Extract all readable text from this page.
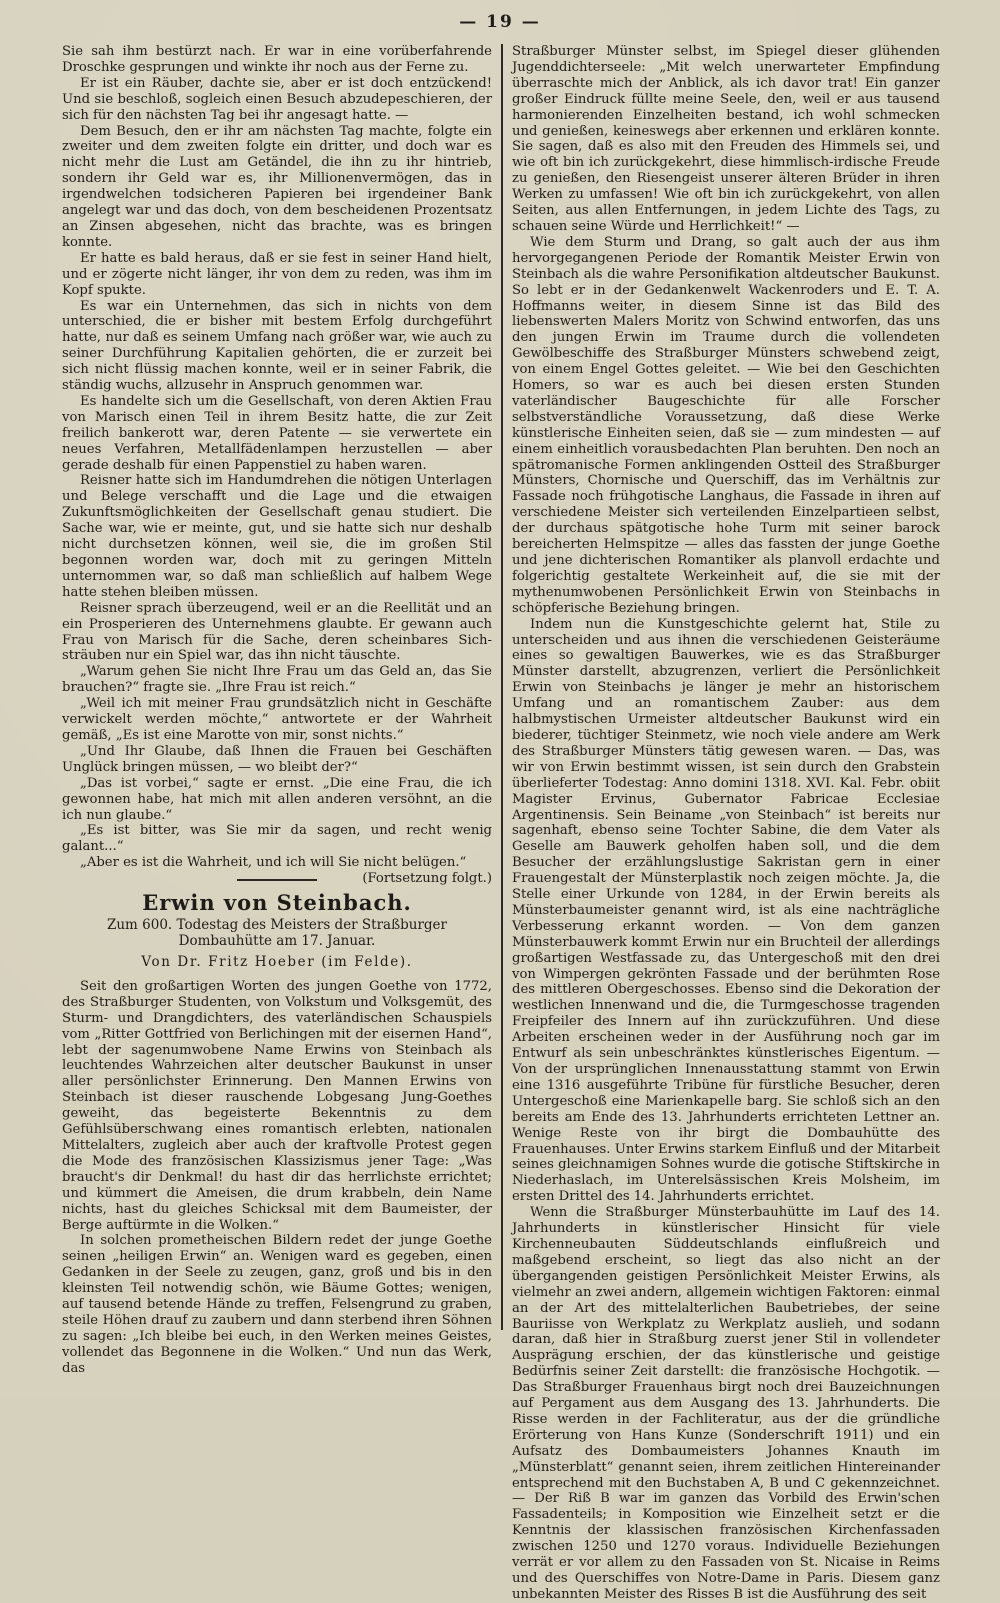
— 19 —

Sie sah ihm bestürzt nach. Er war in eine vorüberfahrende Droschke gesprungen und winkte ihr noch aus der Ferne zu.

Er ist ein Räuber, dachte sie, aber er ist doch entzückend! Und sie beschloß, sogleich einen Besuch abzudepeschieren, der sich für den nächsten Tag bei ihr angesagt hatte. —

Dem Besuch, den er ihr am nächsten Tag machte, folgte ein zweiter und dem zweiten folgte ein dritter, und doch war es nicht mehr die Lust am Getändel, die ihn zu ihr hintrieb, sondern ihr Geld war es, ihr Millionenvermögen, das in irgendwelchen todsicheren Papieren bei irgendeiner Bank angelegt war und das doch, von dem bescheidenen Prozentsatz an Zinsen abgesehen, nicht das brachte, was es bringen konnte.

Er hatte es bald heraus, daß er sie fest in seiner Hand hielt, und er zögerte nicht länger, ihr von dem zu reden, was ihm im Kopf spukte.

Es war ein Unternehmen, das sich in nichts von dem unterschied, die er bisher mit bestem Erfolg durchgeführt hatte, nur daß es seinem Umfang nach größer war, wie auch zu seiner Durchführung Kapitalien gehörten, die er zurzeit bei sich nicht flüssig machen konnte, weil er in seiner Fabrik, die ständig wuchs, allzusehr in Anspruch genommen war.

Es handelte sich um die Gesellschaft, von deren Aktien Frau von Marisch einen Teil in ihrem Besitz hatte, die zur Zeit freilich bankerott war, deren Patente — sie verwertete ein neues Verfahren, Metallfädenlampen herzustellen — aber gerade deshalb für einen Pappenstiel zu haben waren.

Reisner hatte sich im Handumdrehen die nötigen Unterlagen und Belege verschafft und die Lage und die etwaigen Zukunftsmöglichkeiten der Gesellschaft genau studiert. Die Sache war, wie er meinte, gut, und sie hatte sich nur deshalb nicht durchsetzen können, weil sie, die im großen Stil begonnen worden war, doch mit zu geringen Mitteln unternommen war, so daß man schließlich auf halbem Wege hatte stehen bleiben müssen.

Reisner sprach überzeugend, weil er an die Reellität und an ein Prosperieren des Unternehmens glaubte. Er gewann auch Frau von Marisch für die Sache, deren scheinbares Sich-sträuben nur ein Spiel war, das ihn nicht täuschte.

„Warum gehen Sie nicht Ihre Frau um das Geld an, das Sie brauchen?“ fragte sie. „Ihre Frau ist reich.“

„Weil ich mit meiner Frau grundsätzlich nicht in Geschäfte verwickelt werden möchte,“ antwortete er der Wahrheit gemäß, „Es ist eine Marotte von mir, sonst nichts.“

„Und Ihr Glaube, daß Ihnen die Frauen bei Geschäften Unglück bringen müssen, — wo bleibt der?“

„Das ist vorbei,“ sagte er ernst. „Die eine Frau, die ich gewonnen habe, hat mich mit allen anderen versöhnt, an die ich nun glaube.“

„Es ist bitter, was Sie mir da sagen, und recht wenig galant...“

„Aber es ist die Wahrheit, und ich will Sie nicht belügen.“
(Fortsetzung folgt.)

Erwin von Steinbach.
Zum 600. Todestag des Meisters der Straßburger Dombauhütte am 17. Januar.
Von Dr. Fritz Hoeber (im Felde).

Seit den großartigen Worten des jungen Goethe von 1772, des Straßburger Studenten, von Volkstum und Volksgemüt, des Sturm- und Drangdichters, des vaterländischen Schauspiels vom „Ritter Gottfried von Berlichingen mit der eisernen Hand“, lebt der sagenumwobene Name Erwins von Steinbach als leuchtendes Wahrzeichen alter deutscher Baukunst in unser aller persönlichster Erinnerung. Den Mannen Erwins von Steinbach ist dieser rauschende Lobgesang Jung-Goethes geweiht, das begeisterte Bekenntnis zu dem Gefühlsüberschwang eines romantisch erlebten, nationalen Mittelalters, zugleich aber auch der kraftvolle Protest gegen die Mode des französischen Klassizismus jener Tage: „Was braucht's dir Denkmal! du hast dir das herrlichste errichtet; und kümmert die Ameisen, die drum krabbeln, dein Name nichts, hast du gleiches Schicksal mit dem Baumeister, der Berge auftürmte in die Wolken.“

In solchen prometheischen Bildern redet der junge Goethe seinen „heiligen Erwin“ an. Wenigen ward es gegeben, einen Gedanken in der Seele zu zeugen, ganz, groß und bis in den kleinsten Teil notwendig schön, wie Bäume Gottes; wenigen, auf tausend betende Hände zu treffen, Felsengrund zu graben, steile Höhen drauf zu zaubern und dann sterbend ihren Söhnen zu sagen: „Ich bleibe bei euch, in den Werken meines Geistes, vollendet das Begonnene in die Wolken.“ Und nun das Werk, das

Straßburger Münster selbst, im Spiegel dieser glühenden Jugenddichterseele: „Mit welch unerwarteter Empfindung überraschte mich der Anblick, als ich davor trat! Ein ganzer großer Eindruck füllte meine Seele, den, weil er aus tausend harmonierenden Einzelheiten bestand, ich wohl schmecken und genießen, keineswegs aber erkennen und erklären konnte. Sie sagen, daß es also mit den Freuden des Himmels sei, und wie oft bin ich zurückgekehrt, diese himmlisch-irdische Freude zu genießen, den Riesengeist unserer älteren Brüder in ihren Werken zu umfassen! Wie oft bin ich zurückgekehrt, von allen Seiten, aus allen Entfernungen, in jedem Lichte des Tags, zu schauen seine Würde und Herrlichkeit!“ —

Wie dem Sturm und Drang, so galt auch der aus ihm hervorgegangenen Periode der Romantik Meister Erwin von Steinbach als die wahre Personifikation altdeutscher Baukunst. So lebt er in der Gedankenwelt Wackenroders und E. T. A. Hoffmanns weiter, in diesem Sinne ist das Bild des liebenswerten Malers Moritz von Schwind entworfen, das uns den jungen Erwin im Traume durch die vollendeten Gewölbeschiffe des Straßburger Münsters schwebend zeigt, von einem Engel Gottes geleitet. — Wie bei den Geschichten Homers, so war es auch bei diesen ersten Stunden vaterländischer Baugeschichte für alle Forscher selbstverständliche Voraussetzung, daß diese Werke künstlerische Einheiten seien, daß sie — zum mindesten — auf einem einheitlich vorausbedachten Plan beruhten. Den noch an spätromanische Formen anklingenden Ostteil des Straßburger Münsters, Chornische und Querschiff, das im Verhältnis zur Fassade noch frühgotische Langhaus, die Fassade in ihren auf verschiedene Meister sich verteilenden Einzelpartieen selbst, der durchaus spätgotische hohe Turm mit seiner barock bereicherten Helmspitze — alles das fassten der junge Goethe und jene dichterischen Romantiker als planvoll erdachte und folgerichtig gestaltete Werkeinheit auf, die sie mit der mythenumwobenen Persönlichkeit Erwin von Steinbachs in schöpferische Beziehung bringen.

Indem nun die Kunstgeschichte gelernt hat, Stile zu unterscheiden und aus ihnen die verschiedenen Geisteräume eines so gewaltigen Bauwerkes, wie es das Straßburger Münster darstellt, abzugrenzen, verliert die Persönlichkeit Erwin von Steinbachs je länger je mehr an historischem Umfang und an romantischem Zauber: aus dem halbmystischen Urmeister altdeutscher Baukunst wird ein biederer, tüchtiger Steinmetz, wie noch viele andere am Werk des Straßburger Münsters tätig gewesen waren. — Das, was wir von Erwin bestimmt wissen, ist sein durch den Grabstein überlieferter Todestag: Anno domini 1318. XVI. Kal. Febr. obiit Magister Ervinus, Gubernator Fabricae Ecclesiae Argentinensis. Sein Beiname „von Steinbach“ ist bereits nur sagenhaft, ebenso seine Tochter Sabine, die dem Vater als Geselle am Bauwerk geholfen haben soll, und die dem Besucher der erzählungslustige Sakristan gern in einer Frauengestalt der Münsterplastik noch zeigen möchte. Ja, die Stelle einer Urkunde von 1284, in der Erwin bereits als Münsterbaumeister genannt wird, ist als eine nachträgliche Verbesserung erkannt worden. — Von dem ganzen Münsterbauwerk kommt Erwin nur ein Bruchteil der allerdings großartigen Westfassade zu, das Untergeschoß mit den drei von Wimpergen gekrönten Fassade und der berühmten Rose des mittleren Obergeschosses. Ebenso sind die Dekoration der westlichen Innenwand und die, die Turmgeschosse tragenden Freipfeiler des Innern auf ihn zurückzuführen. Und diese Arbeiten erscheinen weder in der Ausführung noch gar im Entwurf als sein unbeschränktes künstlerisches Eigentum. — Von der ursprünglichen Innenausstattung stammt von Erwin eine 1316 ausgeführte Tribüne für fürstliche Besucher, deren Untergeschoß eine Marienkapelle barg. Sie schloß sich an den bereits am Ende des 13. Jahrhunderts errichteten Lettner an. Wenige Reste von ihr birgt die Dombauhütte des Frauenhauses. Unter Erwins starkem Einfluß und der Mitarbeit seines gleichnamigen Sohnes wurde die gotische Stiftskirche in Niederhaslach, im Unterelsässischen Kreis Molsheim, im ersten Drittel des 14. Jahrhunderts errichtet.

Wenn die Straßburger Münsterbauhütte im Lauf des 14. Jahrhunderts in künstlerischer Hinsicht für viele Kirchenneubauten Süddeutschlands einflußreich und maßgebend erscheint, so liegt das also nicht an der übergangenden geistigen Persönlichkeit Meister Erwins, als vielmehr an zwei andern, allgemein wichtigen Faktoren: einmal an der Art des mittelalterlichen Baubetriebes, der seine Bauriisse von Werkplatz zu Werkplatz auslieh, und sodann daran, daß hier in Straßburg zuerst jener Stil in vollendeter Ausprägung erschien, der das künstlerische und geistige Bedürfnis seiner Zeit darstellt: die französische Hochgotik. — Das Straßburger Frauenhaus birgt noch drei Bauzeichnungen auf Pergament aus dem Ausgang des 13. Jahrhunderts. Die Risse werden in der Fachliteratur, aus der die gründliche Erörterung von Hans Kunze (Sonderschrift 1911) und ein Aufsatz des Dombaumeisters Johannes Knauth im „Münsterblatt“ genannt seien, ihrem zeitlichen Hintereinander entsprechend mit den Buchstaben A, B und C gekennzeichnet. — Der Riß B war im ganzen das Vorbild des Erwin'schen Fassadenteils; in Komposition wie Einzelheit setzt er die Kenntnis der klassischen französischen Kirchenfassaden zwischen 1250 und 1270 voraus. Individuelle Beziehungen verrät er vor allem zu den Fassaden von St. Nicaise in Reims und des Querschiffes von Notre-Dame in Paris. Diesem ganz unbekannten Meister des Risses B ist die Ausführung des seit
